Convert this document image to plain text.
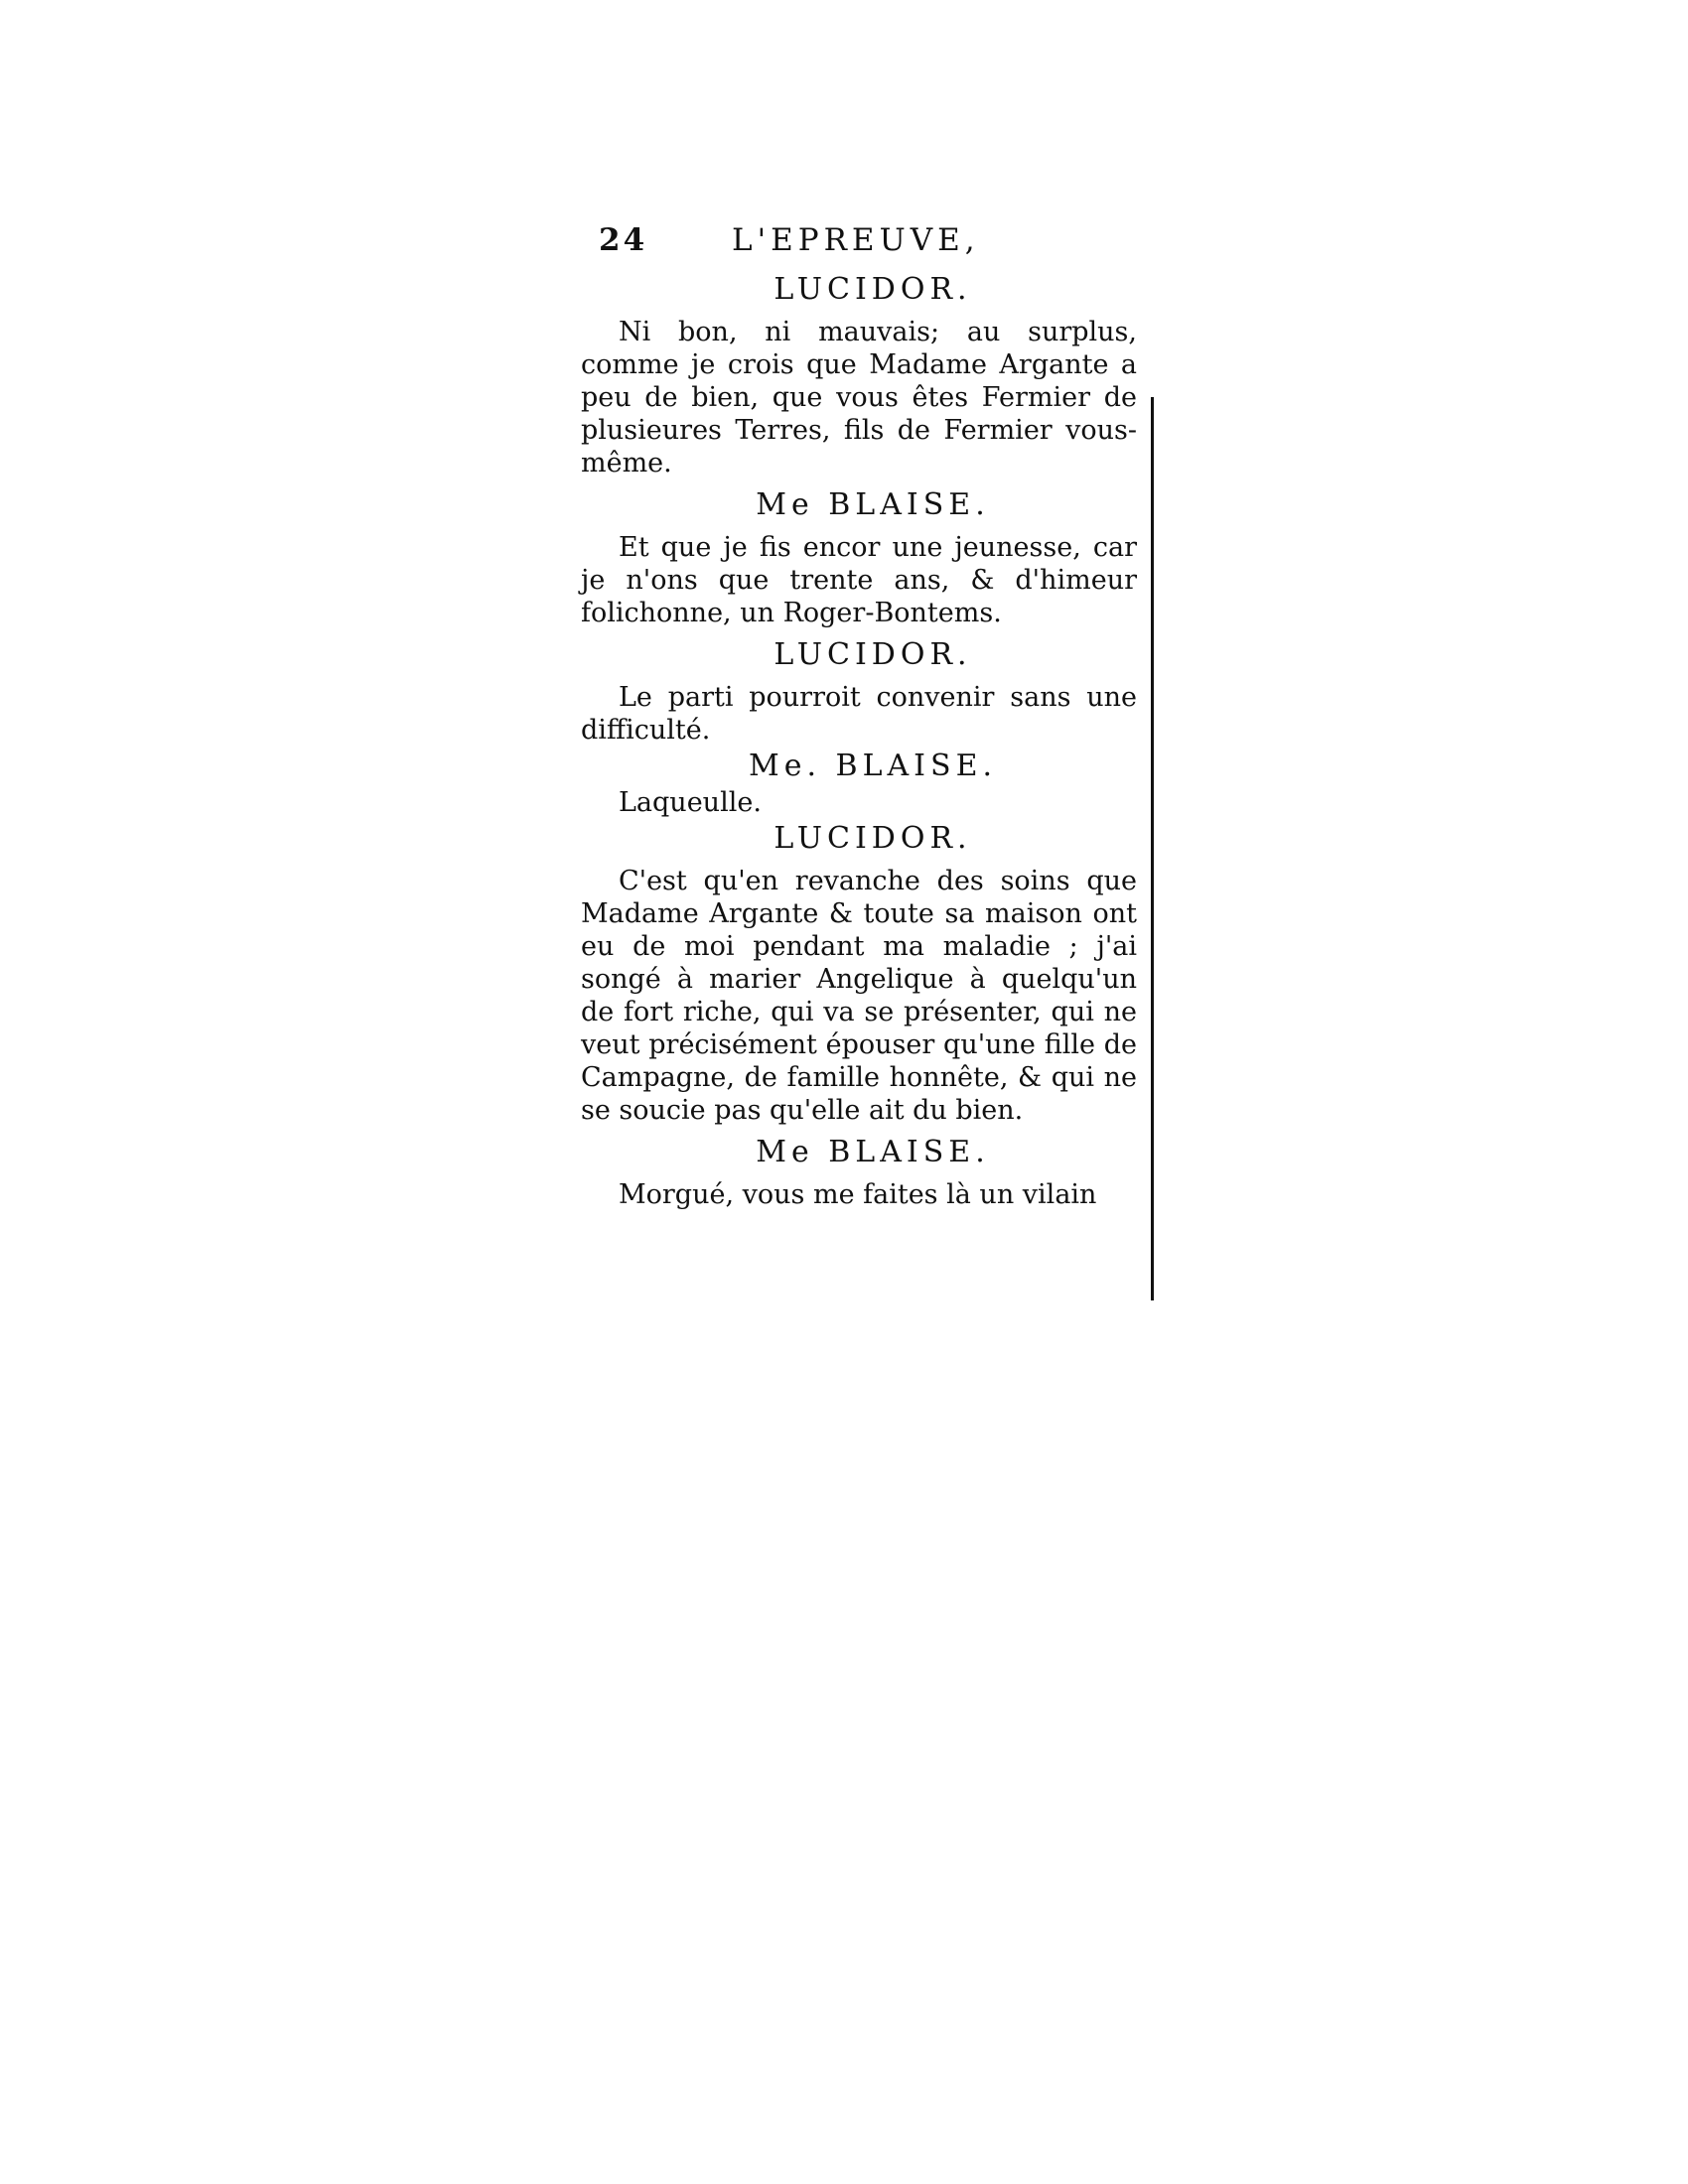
24	L'EPREUVE,

LUCIDOR.

Ni bon, ni mauvais; au surplus, comme je crois que Madame Argante a peu de bien, que vous êtes Fermier de plusieures Terres, fils de Fermier vous-même.

Me BLAISE.

Et que je fis encor une jeunesse, car je n'ons que trente ans, & d'himeur folichonne, un Roger-Bontems.

LUCIDOR.

Le parti pourroit convenir sans une difficulté.

Me. BLAISE.

Laqueulle.

LUCIDOR.

C'est qu'en revanche des soins que Madame Argante & toute sa maison ont eu de moi pendant ma maladie ; j'ai songé à marier Angelique à quelqu'un de fort riche, qui va se présenter, qui ne veut précisément épouser qu'une fille de Campagne, de famille honnête, & qui ne se soucie pas qu'elle ait du bien.

Me BLAISE.

Morgué, vous me faites là un vilain
